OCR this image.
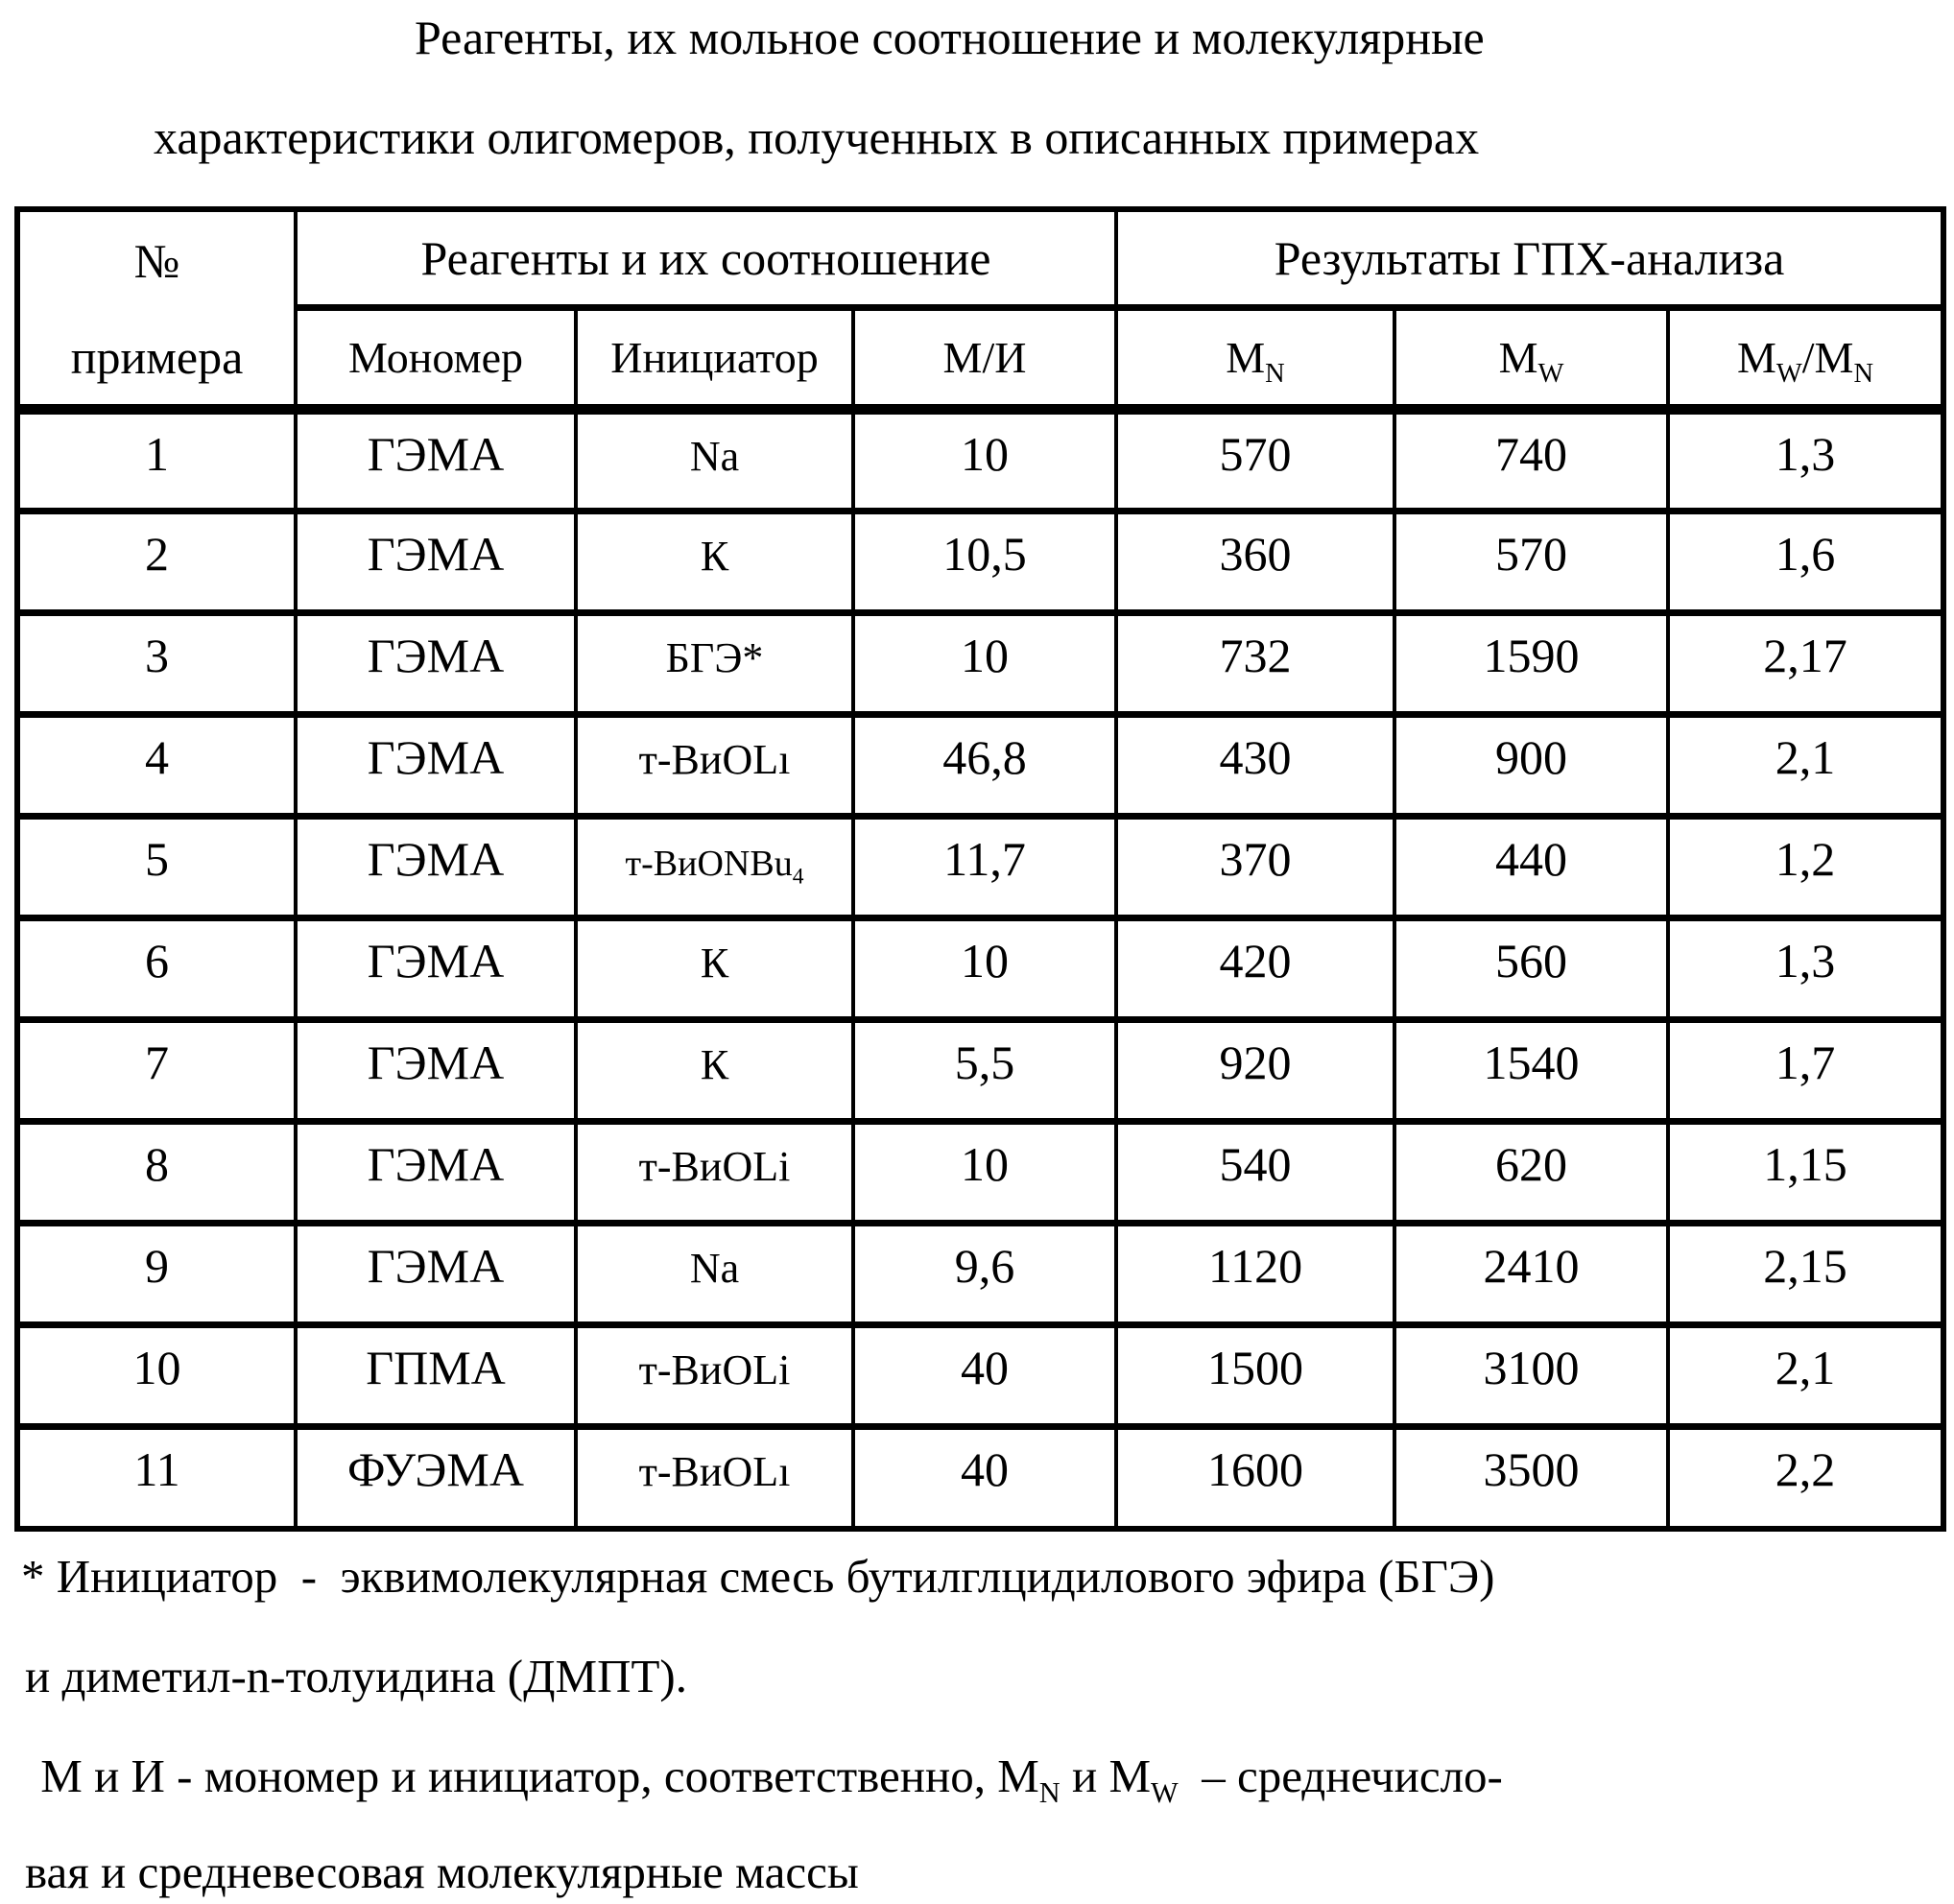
Реагенты, их мольное соотношение и молекулярные
характеристики олигомеров, полученных в описанных примерах
№
примера	Реагенты и их соотношение			Результаты ГПХ-анализа		
	Мономер	Инициатор	М/И	$M_N$	$M_W$	$M_W/M_N$
1	ГЭМА	Na	10	570	740	1,3
2	ГЭМА	К	10,5	360	570	1,6
3	ГЭМА	БГЭ*	10	732	1590	2,17
4	ГЭМА	т-ВиOLı	46,8	430	900	2,1
5	ГЭМА	т-ВиONBu$_4$	11,7	370	440	1,2
6	ГЭМА	К	10	420	560	1,3
7	ГЭМА	К	5,5	920	1540	1,7
8	ГЭМА	т-ВиOLi	10	540	620	1,15
9	ГЭМА	Na	9,6	1120	2410	2,15
10	ГПМА	т-ВиOLi	40	1500	3100	2,1
11	ФУЭМА	т-ВиOLı	40	1600	3500	2,2
* Инициатор  -  эквимолекулярная смесь бутилглцидилового эфира (БГЭ)
и диметил-n-толуидина (ДМПТ).
М и И - мономер и инициатор, соответственно, $M_N$ и $M_W$  – среднечисло-
вая и средневесовая молекулярные массы
